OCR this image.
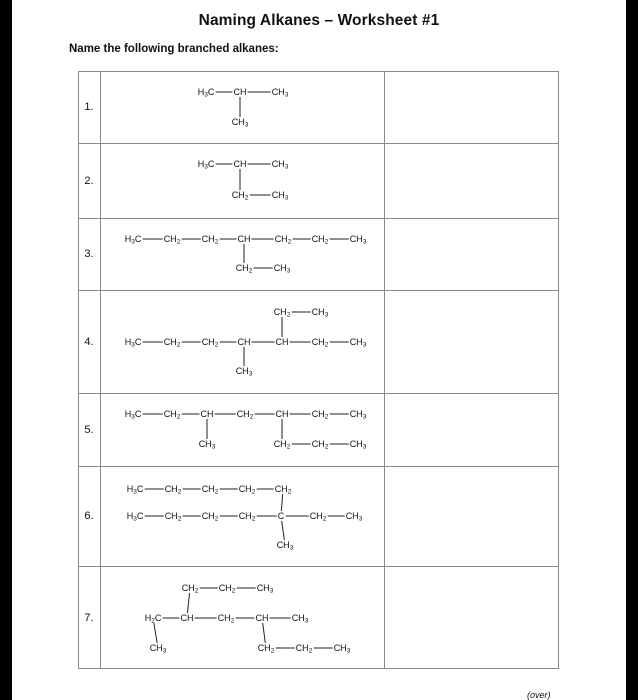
Naming Alkanes – Worksheet #1
Name the following branched alkanes:
(over)
1.
$H_3C$ CH	$CH_3$
$CH_3$
2.
$H_3C$ CH	$CH_3$
$CH_2$	$CH_3$
3.
$H_3C$ $CH_2$ $CH_2$ CH	$CH_2$ $CH_2$ $CH_3$
$CH_2$ $CH_3$
4.	$H_3C$ $CH_2$ $CH_2$ CH	CH	$CH_2$ $CH_3$
$CH_2$ $CH_3$
$CH_3$
5.
$H_3C$ $CH_2$ CH	$CH_2$ CH	$CH_2$ $CH_3$
$CH_3$	$CH_2$ $CH_2$ $CH_3$
6.
$H_3C$ $CH_2$ $CH_2$ $CH_2$ $CH_2$
$H_3C$ $CH_2$ $CH_2$ $CH_2$ C	$CH_2$ $CH_3$
$CH_3$
7.	$H_2C$ CH	$CH_2$ CH	$CH_3$
$CH_2$ $CH_2$ $CH_3$
$CH_3$	$CH_2$ $CH_2$ $CH_3$
